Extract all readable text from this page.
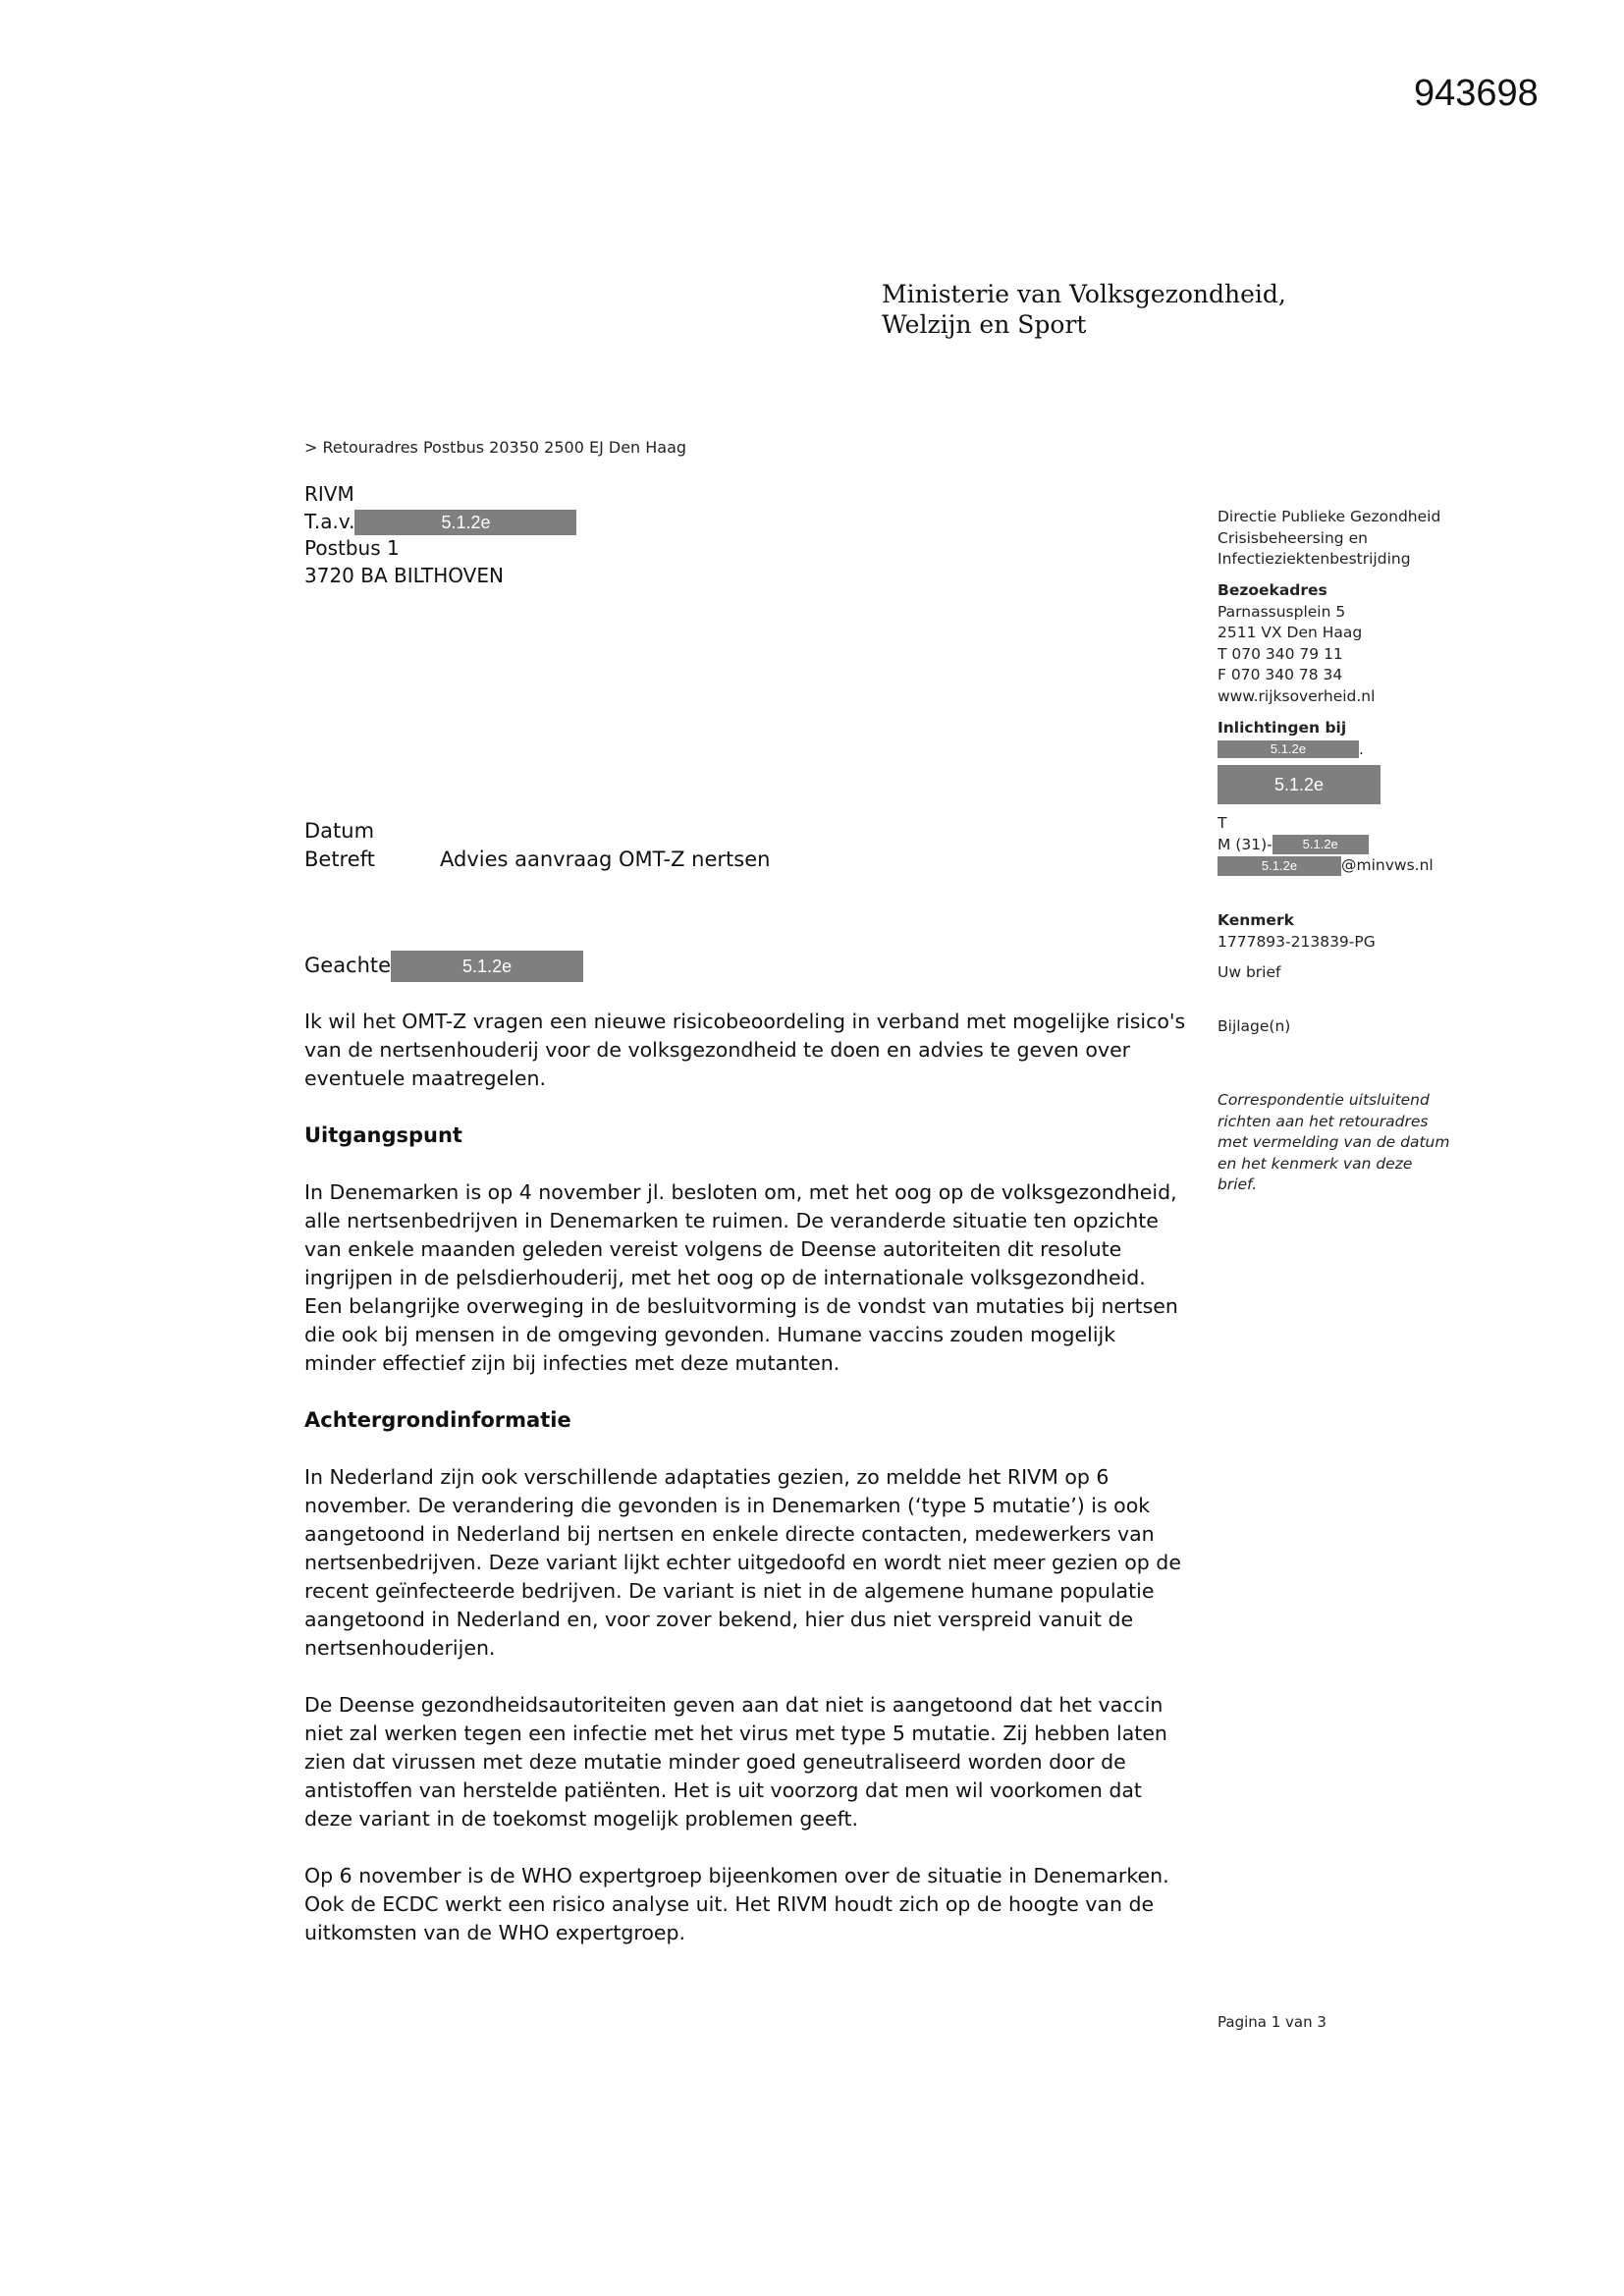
943698
Ministerie van Volksgezondheid,
Welzijn en Sport
> Retouradres Postbus 20350 2500 EJ Den Haag
RIVM
T.a.v.	5.1.2e
Postbus 1
3720 BA BILTHOVEN
Directie Publieke Gezondheid
Crisisbeheersing en
Infectieziektenbestrijding
Bezoekadres
Parnassusplein 5
2511 VX Den Haag
T 070 340 79 11
F 070 340 78 34
www.rijksoverheid.nl
Inlichtingen bij
5.1.2e	.
5.1.2e
T
M (31)- 5.1.2e
5.1.2e	@minvws.nl
Kenmerk
1777893-213839-PG
Uw brief
Bijlage(n)
Correspondentie uitsluitend
richten aan het retouradres
met vermelding van de datum
en het kenmerk van deze
brief.
Datum
Betreft	Advies aanvraag OMT-Z nertsen
Geachte	5.1.2e

Ik wil het OMT-Z vragen een nieuwe risicobeoordeling in verband met mogelijke risico's van de nertsenhouderij voor de volksgezondheid te doen en advies te geven over eventuele maatregelen.

Uitgangspunt

In Denemarken is op 4 november jl. besloten om, met het oog op de volksgezondheid, alle nertsenbedrijven in Denemarken te ruimen. De veranderde situatie ten opzichte van enkele maanden geleden vereist volgens de Deense autoriteiten dit resolute ingrijpen in de pelsdierhouderij, met het oog op de internationale volksgezondheid. Een belangrijke overweging in de besluitvorming is de vondst van mutaties bij nertsen die ook bij mensen in de omgeving gevonden. Humane vaccins zouden mogelijk minder effectief zijn bij infecties met deze mutanten.

Achtergrondinformatie

In Nederland zijn ook verschillende adaptaties gezien, zo meldde het RIVM op 6 november. De verandering die gevonden is in Denemarken (‘type 5 mutatie’) is ook aangetoond in Nederland bij nertsen en enkele directe contacten, medewerkers van nertsenbedrijven. Deze variant lijkt echter uitgedoofd en wordt niet meer gezien op de recent geïnfecteerde bedrijven. De variant is niet in de algemene humane populatie aangetoond in Nederland en, voor zover bekend, hier dus niet verspreid vanuit de nertsenhouderijen.

De Deense gezondheidsautoriteiten geven aan dat niet is aangetoond dat het vaccin niet zal werken tegen een infectie met het virus met type 5 mutatie. Zij hebben laten zien dat virussen met deze mutatie minder goed geneutraliseerd worden door de antistoffen van herstelde patiënten. Het is uit voorzorg dat men wil voorkomen dat deze variant in de toekomst mogelijk problemen geeft.

Op 6 november is de WHO expertgroep bijeenkomen over de situatie in Denemarken. Ook de ECDC werkt een risico analyse uit. Het RIVM houdt zich op de hoogte van de uitkomsten van de WHO expertgroep.

Pagina 1 van 3
